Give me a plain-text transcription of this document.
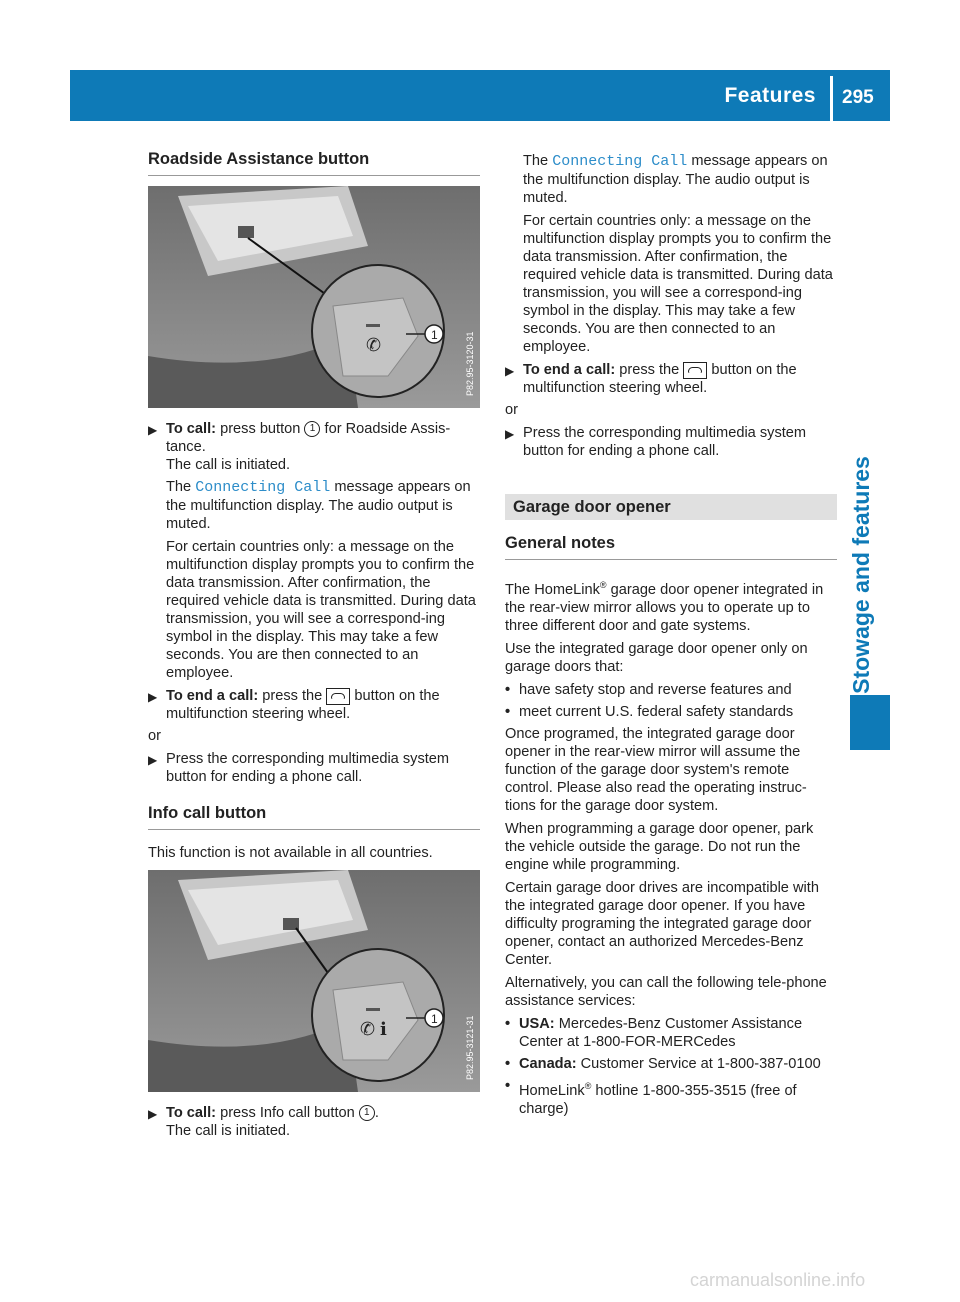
Features 295
Stowage and features
Roadside Assistance button
✆	1	P82.95-3120-31
▶ To call: press button 1 for Roadside Assis-tance.
The call is initiated.

The Connecting Call message appears on the multifunction display. The audio output is muted.

For certain countries only: a message on the multifunction display prompts you to confirm the data transmission. After confirmation, the required vehicle data is transmitted. During data transmission, you will see a correspond-ing symbol in the display. This may take a few seconds. You are then connected to an employee.

▶ To end a call: press the button on the multifunction steering wheel.

or

▶ Press the corresponding multimedia system button for ending a phone call.
Info call button

This function is not available in all countries.

✆ i	1	P82.95-3121-31
▶ To call: press Info call button 1 .
The call is initiated.

The Connecting Call message appears on the multifunction display. The audio output is muted.

For certain countries only: a message on the multifunction display prompts you to confirm the data transmission. After confirmation, the required vehicle data is transmitted. During data transmission, you will see a correspond-ing symbol in the display. This may take a few seconds. You are then connected to an employee.

▶ To end a call: press the button on the multifunction steering wheel.

or

▶ Press the corresponding multimedia system button for ending a phone call.
Garage door opener
General notes

The HomeLink® garage door opener integrated in the rear-view mirror allows you to operate up to three different door and gate systems.

Use the integrated garage door opener only on garage doors that:

• have safety stop and reverse features and
• meet current U.S. federal safety standards

Once programed, the integrated garage door opener in the rear-view mirror will assume the function of the garage door system's remote control. Please also read the operating instruc-tions for the garage door system.

When programming a garage door opener, park the vehicle outside the garage. Do not run the engine while programming.

Certain garage door drives are incompatible with the integrated garage door opener. If you have difficulty programing the integrated garage door opener, contact an authorized Mercedes-Benz Center.

Alternatively, you can call the following tele-phone assistance services:

• USA: Mercedes-Benz Customer Assistance Center at 1-800-FOR-MERCedes
• Canada: Customer Service at 1-800-387-0100
• HomeLink® hotline 1-800-355-3515 (free of charge)
carmanualsonline.info
